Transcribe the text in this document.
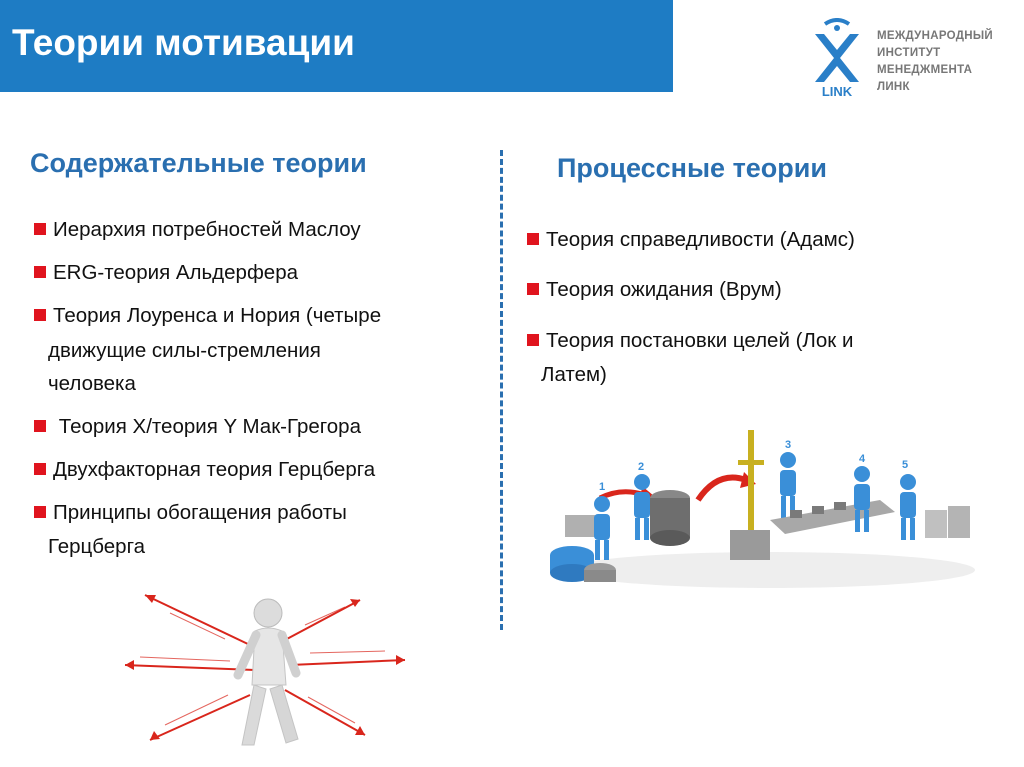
Теории мотивации
LINK
МЕЖДУНАРОДНЫЙ
ИНСТИТУТ
МЕНЕДЖМЕНТА
ЛИНК
Содержательные теории
Иерархия потребностей Маслоу
ERG-теория Альдерфера
Теория Лоуренса и Нория (четыре
движущие силы-стремления
человека
Теория X/теория Y Мак-Грегора
Двухфакторная теория Герцберга
Принципы обогащения работы
Герцберга
Процессные теории
Теория справедливости (Адамс)
Теория ожидания (Врум)
Теория постановки целей (Лок и
Латем)
1
2
3
4	5
